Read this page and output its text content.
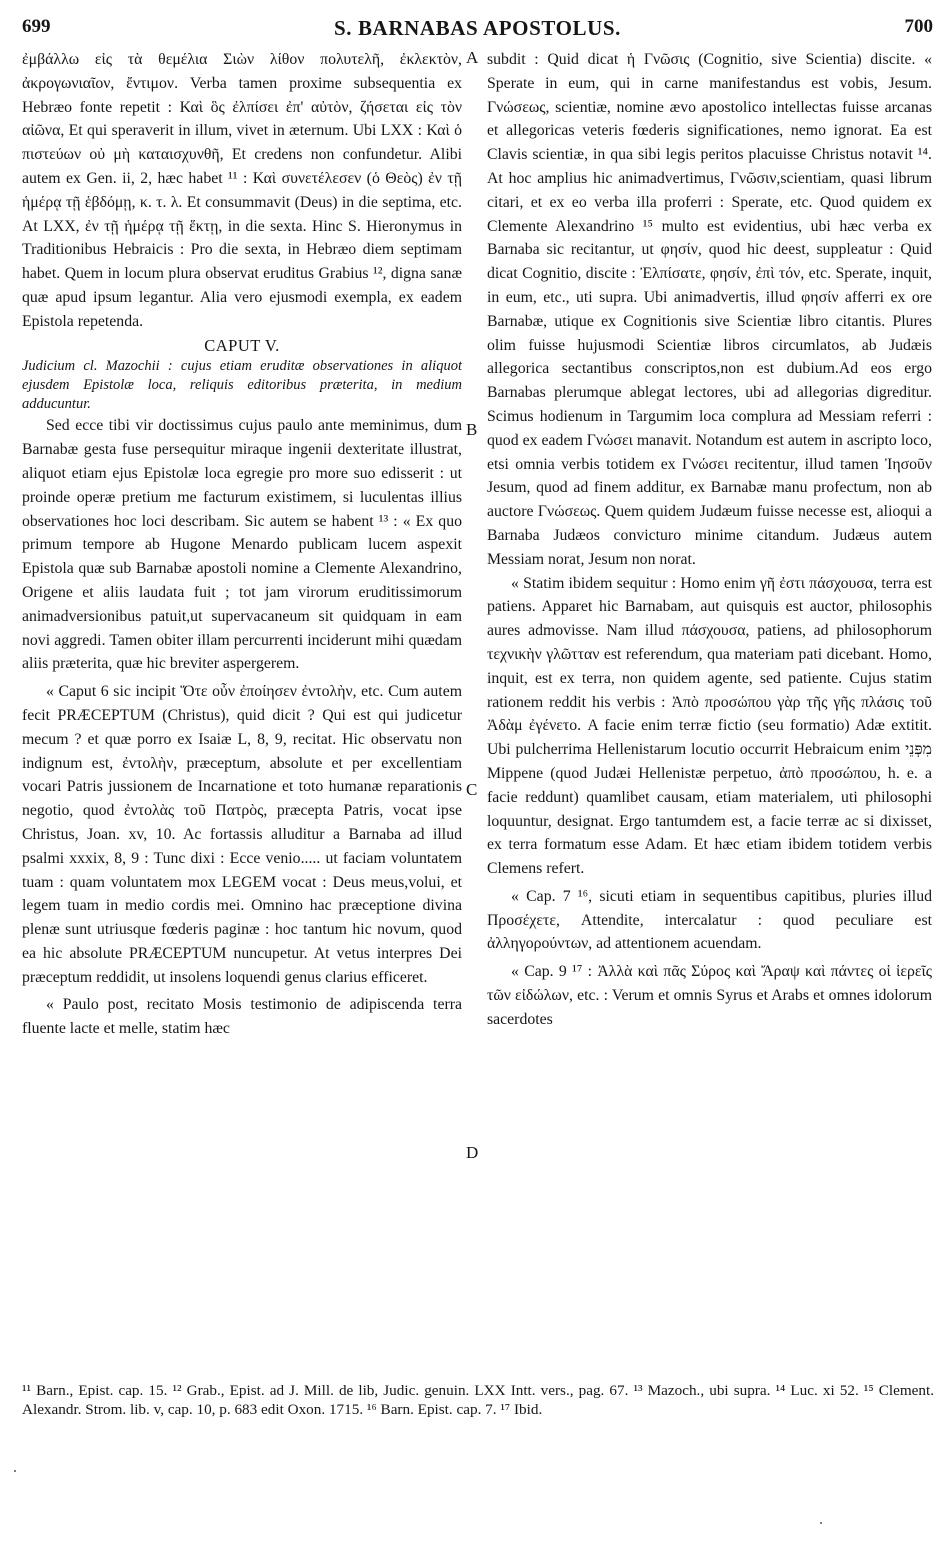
699	S. BARNABAS APOSTOLUS.	700

ἐμβάλλω εἰς τὰ θεμέλια Σιὼν λίθον πολυτελῆ, ἐκλεκτὸν, ἀκρογωνιαῖον, ἔντιμον. Verba tamen proxime subsequentia ex Hebræo fonte repetit : Καὶ ὃς ἐλπίσει ἐπ' αὐτὸν, ζήσεται εἰς τὸν αἰῶνα, Et qui speraverit in illum, vivet in æternum. Ubi LXX : Καὶ ὁ πιστεύων οὐ μὴ καταισχυνθῆ, Et credens non confundetur. Alibi autem ex Gen. ii, 2, hæc habet ¹¹ : Καὶ συνετέλεσεν (ὁ Θεὸς) ἐν τῇ ἡμέρᾳ τῇ ἑβδόμῃ, κ. τ. λ. Et consummavit (Deus) in die septima, etc. At LXX, ἐν τῇ ἡμέρᾳ τῇ ἕκτῃ, in die sexta. Hinc S. Hieronymus in Traditionibus Hebraicis : Pro die sexta, in Hebræo diem septimam habet. Quem in locum plura observat eruditus Grabius ¹², digna sanæ quæ apud ipsum legantur. Alia vero ejusmodi exempla, ex eadem Epistola repetenda.

CAPUT V.

Judicium cl. Mazochii : cujus etiam eruditæ observationes in aliquot ejusdem Epistolæ loca, reliquis editoribus præterita, in medium adducuntur.

Sed ecce tibi vir doctissimus cujus paulo ante meminimus, dum Barnabæ gesta fuse persequitur miraque ingenii dexteritate illustrat, aliquot etiam ejus Epistolæ loca egregie pro more suo edisserit : ut proinde operæ pretium me facturum existimem, si luculentas illius observationes hoc loci describam. Sic autem se habent ¹³ : « Ex quo primum tempore ab Hugone Menardo publicam lucem aspexit Epistola quæ sub Barnabæ apostoli nomine a Clemente Alexandrino, Origene et aliis laudata fuit ; tot jam virorum eruditissimorum animadversionibus patuit,ut supervacaneum sit quidquam in eam novi aggredi. Tamen obiter illam percurrenti inciderunt mihi quædam aliis præterita, quæ hic breviter aspergerem.

« Caput 6 sic incipit Ὅτε οὖν ἐποίησεν ἐντολὴν, etc. Cum autem fecit PRÆCEPTUM (Christus), quid dicit ? Qui est qui judicetur mecum ? et quæ porro ex Isaiæ L, 8, 9, recitat. Hic observatu non indignum est, ἐντολὴν, præceptum, absolute et per excellentiam vocari Patris jussionem de Incarnatione et toto humanæ reparationis negotio, quod ἐντολὰς τοῦ Πατρὸς, præcepta Patris, vocat ipse Christus, Joan. xv, 10. Ac fortassis alluditur a Barnaba ad illud psalmi xxxix, 8, 9 : Tunc dixi : Ecce venio..... ut faciam voluntatem tuam : quam voluntatem mox LEGEM vocat : Deus meus,volui, et legem tuam in medio cordis mei. Omnino hac præceptione divina plenæ sunt utriusque fœderis paginæ : hoc tantum hic novum, quod ea hic absolute PRÆCEPTUM nuncupetur. At vetus interpres Dei præceptum reddidit, ut insolens loquendi genus clarius efficeret.

« Paulo post, recitato Mosis testimonio de adipiscenda terra fluente lacte et melle, statim hæc

A
B
C
D

subdit : Quid dicat ἡ Γνῶσις (Cognitio, sive Scientia) discite. « Sperate in eum, qui in carne manifestandus est vobis, Jesum. Γνώσεως, scientiæ, nomine ævo apostolico intellectas fuisse arcanas et allegoricas veteris fœderis significationes, nemo ignorat. Ea est Clavis scientiæ, in qua sibi legis peritos placuisse Christus notavit ¹⁴. At hoc amplius hic animadvertimus, Γνῶσιν,scientiam, quasi librum citari, et ex eo verba illa proferri : Sperate, etc. Quod quidem ex Clemente Alexandrino ¹⁵ multo est evidentius, ubi hæc verba ex Barnaba sic recitantur, ut φησίν, quod hic deest, suppleatur : Quid dicat Cognitio, discite : Ἐλπίσατε, φησίν, ἐπὶ τόν, etc. Sperate, inquit, in eum, etc., uti supra. Ubi animadvertis, illud φησίν afferri ex ore Barnabæ, utique ex Cognitionis sive Scientiæ libro citantis. Plures olim fuisse hujusmodi Scientiæ libros circumlatos, ab Judæis allegorica sectantibus conscriptos,non est dubium.Ad eos ergo Barnabas plerumque ablegat lectores, ubi ad allegorias digreditur. Scimus hodienum in Targumim loca complura ad Messiam referri : quod ex eadem Γνώσει manavit. Notandum est autem in ascripto loco, etsi omnia verbis totidem ex Γνώσει recitentur, illud tamen Ἰησοῦν Jesum, quod ad finem additur, ex Barnabæ manu profectum, non ab auctore Γνώσεως. Quem quidem Judæum fuisse necesse est, alioqui a Barnaba Judæos convicturo minime citandum. Judæus autem Messiam norat, Jesum non norat.

« Statim ibidem sequitur : Homo enim γῆ ἐστι πάσχουσα, terra est patiens. Apparet hic Barnabam, aut quisquis est auctor, philosophis aures admovisse. Nam illud πάσχουσα, patiens, ad philosophorum τεχνικὴν γλῶτταν est referendum, qua materiam pati dicebant. Homo, inquit, est ex terra, non quidem agente, sed patiente. Cujus statim rationem reddit his verbis : Ἀπὸ προσώπου γὰρ τῆς γῆς πλάσις τοῦ Ἀδὰμ ἐγένετο. A facie enim terræ fictio (seu formatio) Adæ extitit. Ubi pulcherrima Hellenistarum locutio occurrit Hebraicum enim מִפְּנֵי Mippene (quod Judæi Hellenistæ perpetuo, ἀπὸ προσώπου, h. e. a facie reddunt) quamlibet causam, etiam materialem, uti philosophi loquuntur, designat. Ergo tantumdem est, a facie terræ ac si dixisset, ex terra formatum esse Adam. Et hæc etiam ibidem totidem verbis Clemens refert.

« Cap. 7 ¹⁶, sicuti etiam in sequentibus capitibus, pluries illud Προσέχετε, Attendite, intercalatur : quod peculiare est ἀλληγορούντων, ad attentionem acuendam.

« Cap. 9 ¹⁷ : Ἀλλὰ καὶ πᾶς Σύρος καὶ Ἄραψ καὶ πάντες οἱ ἱερεῖς τῶν εἰδώλων, etc. : Verum et omnis Syrus et Arabs et omnes idolorum sacerdotes

¹¹ Barn., Epist. cap. 15. ¹² Grab., Epist. ad J. Mill. de lib, Judic. genuin. LXX Intt. vers., pag. 67. ¹³ Mazoch., ubi supra. ¹⁴ Luc. xi 52. ¹⁵ Clement. Alexandr. Strom. lib. v, cap. 10, p. 683 edit Oxon. 1715. ¹⁶ Barn. Epist. cap. 7. ¹⁷ Ibid.
